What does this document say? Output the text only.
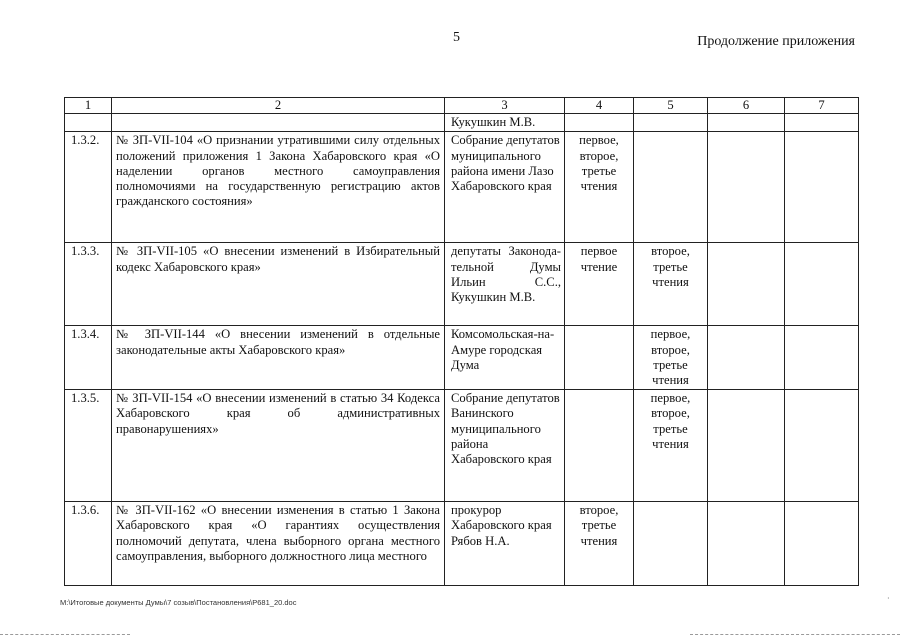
5	Продолжение приложения
1	2	3	4	5	6	7
		Кукушкин М.В.				
1.3.2.	№ ЗП-VII-104 «О признании утратившими силу отдельных положений приложения 1 Закона Хабаровского края «О наделении органов местного самоуправления полномочиями на государственную регистрацию актов гражданского состояния»	Собрание депутатов муниципального района имени Лазо Хабаровского края	первое, второе, третье чтения			
1.3.3.	№ ЗП-VII-105 «О внесении изменений в Избирательный кодекс Хабаровского края»	депутаты Законода-тельной Думы Ильин С.С., Кукушкин М.В.	первое чтение	второе, третье чтения		
1.3.4.	№ ЗП-VII-144 «О внесении изменений в отдельные законодательные акты Хабаровского края»	Комсомольская-на-Амуре городская Дума		первое, второе, третье чтения		
1.3.5.	№ ЗП-VII-154 «О внесении изменений в статью 34 Кодекса Хабаровского края об административных правонарушениях»	Собрание депутатов Ванинского муниципального района Хабаровского края		первое, второе, третье чтения		
1.3.6.	№ ЗП-VII-162 «О внесении изменения в статью 1 Закона Хабаровского края «О гарантиях осуществления полномочий депутата, члена выборного органа местного самоуправления, выборного должностного лица местного	прокурор Хабаровского края Рябов Н.А.	второе, третье чтения			
М:\Итоговые документы Думы\7 созыв\Постановления\Р681_20.doc	·
